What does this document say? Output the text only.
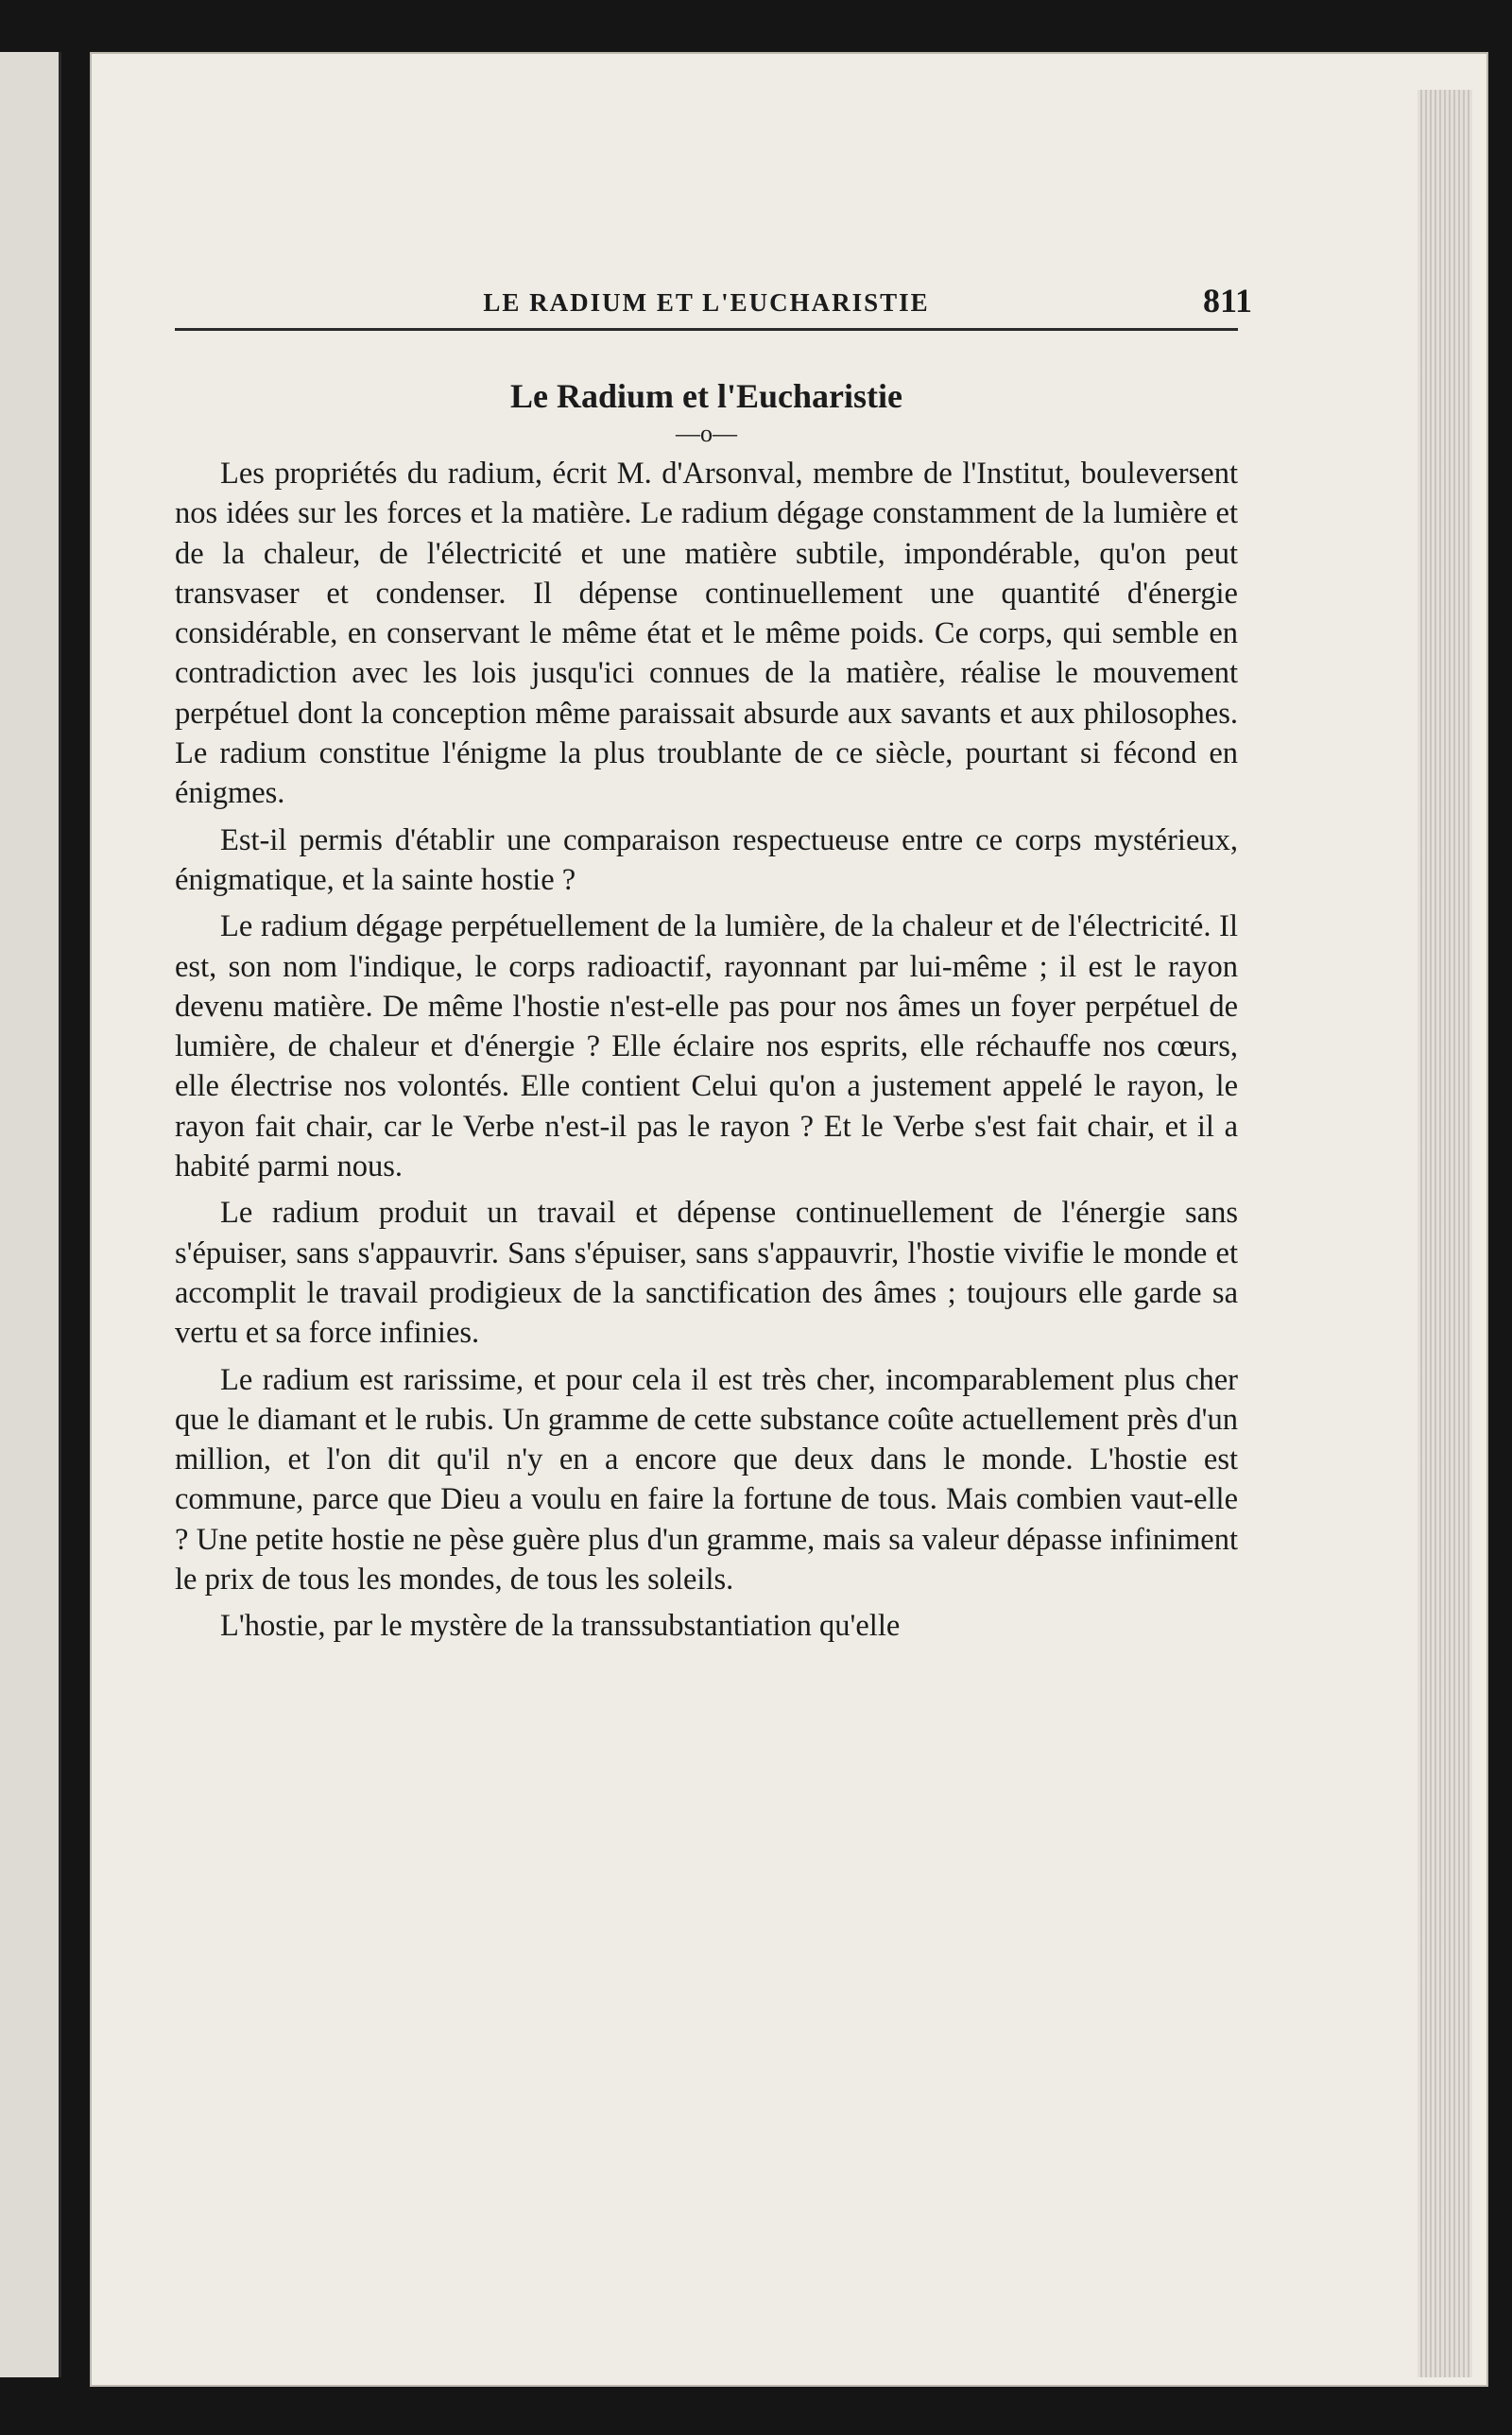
LE RADIUM ET L'EUCHARISTIE	811
Le Radium et l'Eucharistie
—o—

Les propriétés du radium, écrit M. d'Arsonval, membre de l'Institut, bouleversent nos idées sur les forces et la matière. Le radium dégage constamment de la lumière et de la chaleur, de l'électricité et une matière subtile, impondérable, qu'on peut transvaser et condenser. Il dépense continuellement une quantité d'énergie considérable, en conservant le même état et le même poids. Ce corps, qui semble en contradiction avec les lois jusqu'ici connues de la matière, réalise le mouvement perpétuel dont la conception même paraissait absurde aux savants et aux philosophes. Le radium constitue l'énigme la plus troublante de ce siècle, pourtant si fécond en énigmes.

Est-il permis d'établir une comparaison respectueuse entre ce corps mystérieux, énigmatique, et la sainte hostie ?

Le radium dégage perpétuellement de la lumière, de la chaleur et de l'électricité. Il est, son nom l'indique, le corps radioactif, rayonnant par lui-même ; il est le rayon devenu matière. De même l'hostie n'est-elle pas pour nos âmes un foyer perpétuel de lumière, de chaleur et d'énergie ? Elle éclaire nos esprits, elle réchauffe nos cœurs, elle électrise nos volontés. Elle contient Celui qu'on a justement appelé le rayon, le rayon fait chair, car le Verbe n'est-il pas le rayon ? Et le Verbe s'est fait chair, et il a habité parmi nous.

Le radium produit un travail et dépense continuellement de l'énergie sans s'épuiser, sans s'appauvrir. Sans s'épuiser, sans s'appauvrir, l'hostie vivifie le monde et accomplit le travail prodigieux de la sanctification des âmes ; toujours elle garde sa vertu et sa force infinies.

Le radium est rarissime, et pour cela il est très cher, incomparablement plus cher que le diamant et le rubis. Un gramme de cette substance coûte actuellement près d'un million, et l'on dit qu'il n'y en a encore que deux dans le monde. L'hostie est commune, parce que Dieu a voulu en faire la fortune de tous. Mais combien vaut-elle ? Une petite hostie ne pèse guère plus d'un gramme, mais sa valeur dépasse infiniment le prix de tous les mondes, de tous les soleils.

L'hostie, par le mystère de la transsubstantiation qu'elle
